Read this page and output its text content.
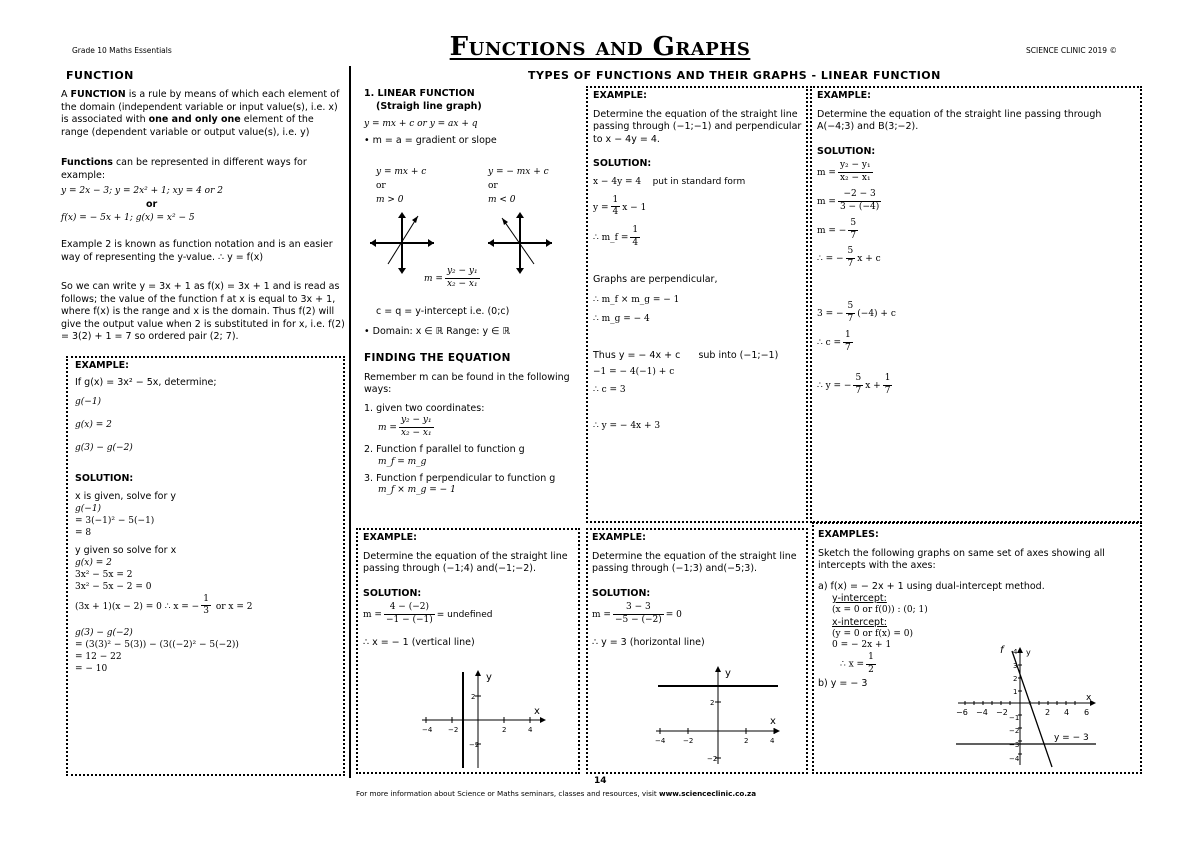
Grade 10 Maths Essentials	Functions and Graphs	SCIENCE CLINIC 2019 ©
FUNCTION
A FUNCTION is a rule by means of which each element of the domain (independent variable or input value(s), i.e. x) is associated with one and only one element of the range (dependent variable or output value(s), i.e. y)
Functions can be represented in different ways for example:
y = 2x − 3; y = 2x² + 1; xy = 4 or 2
or
f(x) = − 5x + 1; g(x) = x² − 5
Example 2 is known as function notation and is an easier way of representing the y-value. ∴ y = f(x)
So we can write y = 3x + 1 as f(x) = 3x + 1 and is read as follows; the value of the function f at x is equal to 3x + 1, where f(x) is the range and x is the domain. Thus f(2) will give the output value when 2 is substituted in for x, i.e. f(2) = 3(2) + 1 = 7 so ordered pair (2; 7).
EXAMPLE:
If g(x) = 3x² − 5x, determine;
g(−1)
g(x) = 2
g(3) − g(−2)
SOLUTION:
x is given, solve for y
g(−1)
= 3(−1)² − 5(−1)
= 8
y given so solve for x
g(x) = 2
3x² − 5x = 2
3x² − 5x − 2 = 0
(3x + 1)(x − 2) = 0 ∴ x = − $\frac{1}{3}$ or x = 2
g(3) − g(−2)
= (3(3)² − 5(3)) − (3((−2)² − 5(−2))
= 12 − 22
= − 10
TYPES OF FUNCTIONS AND THEIR GRAPHS - LINEAR FUNCTION
1. LINEAR FUNCTION
(Straigh line graph)
y = mx + c or y = ax + q
• m = a = gradient or slope
y = mx + c
or
m > 0
y = − mx + c
or
m < 0
$m = \frac{\text{y₂ − y₁}}{\text{x₂ − x₁}}$
c = q = y-intercept i.e. (0;c)
• Domain: x ∈ ℝ Range: y ∈ ℝ
FINDING THE EQUATION
Remember m can be found in the following ways:
1. given two coordinates:
$m = \frac{\text{y₂ − y₁}}{\text{x₂ − x₁}}$
2. Function f parallel to function g
m_f = m_g
3. Function f perpendicular to function g
m_f × m_g = − 1
EXAMPLE:
Determine the equation of the straight line passing through (−1;−1) and perpendicular to x − 4y = 4.
SOLUTION:
x − 4y = 4 put in standard form
$y = \frac{1}{4}$ x − 1
∴ m_f = $\frac{1}{4}$
Graphs are perpendicular,
∴ m_f × m_g = − 1
∴ m_g = − 4
Thus y = − 4x + c sub into (−1;−1)
−1 = − 4(−1) + c
∴ c = 3
∴ y = − 4x + 3
EXAMPLE:
Determine the equation of the straight line passing through A(−4;3) and B(3;−2).
SOLUTION:
$m = \frac{\text{y₂ − y₁}}{\text{x₂ − x₁}}$
$m = \frac{-2 - 3}{3 - (-4)}$
m = − $\frac{5}{7}$
∴ = − $\frac{5}{7}$ x + c
3 = − $\frac{5}{7} (-4) + c$
∴ $c = \frac{1}{7}$
∴ y = − $\frac{5}{7}$ $x + \frac{1}{7}$
EXAMPLE:
Determine the equation of the straight line passing through (−1;4) and(−1;−2).
SOLUTION:
$m = \frac{4 - (-2)}{-1 - (-1)}$ = undefined
∴ x = − 1 (vertical line)
−4 −2	2	4
2
−2
x
y
EXAMPLE:
Determine the equation of the straight line passing through (−1;3) and(−5;3).
SOLUTION:
$m = \frac{3 - 3}{-5 - (-2)} = 0$
∴ y = 3 (horizontal line)
−4	−2	2	4
2
−2
x
y
EXAMPLES:
Sketch the following graphs on same set of axes showing all intercepts with the axes:
a) f(x) = − 2x + 1 using dual-intercept method.
y-intercept:
(x = 0 or f(0)) : (0; 1)
x-intercept:
(y = 0 or f(x) = 0)
0 = − 2x + 1
∴ $x = \frac{1}{2}$
b) y = − 3
−6 −4 −2	2 4 6
4
3
2
1
−1
−2
−3
−4
f	y
x
y = − 3
14
For more information about Science or Maths seminars, classes and resources, visit www.scienceclinic.co.za
